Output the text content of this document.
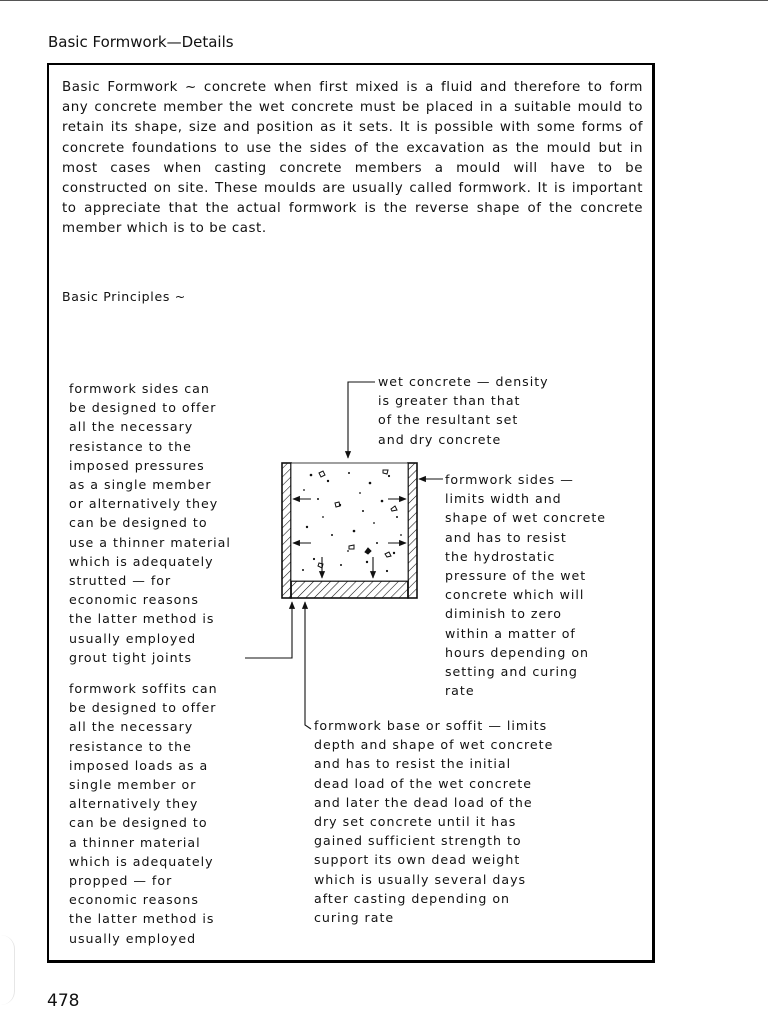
Basic Formwork—Details
Basic Formwork ~ concrete when first mixed is a fluid and therefore to form any concrete member the wet concrete must be placed in a suitable mould to retain its shape, size and position as it sets. It is possible with some forms of concrete foundations to use the sides of the excavation as the mould but in most cases when casting concrete members a mould will have to be constructed on site. These moulds are usually called formwork. It is important to appreciate that the actual formwork is the reverse shape of the concrete member which is to be cast.
Basic Principles ~
formwork sides can
be designed to offer
all the necessary
resistance to the
imposed pressures
as a single member
or alternatively they
can be designed to
use a thinner material
which is adequately
strutted — for
economic reasons
the latter method is
usually employed
grout tight joints
formwork soffits can
be designed to offer
all the necessary
resistance to the
imposed loads as a
single member or
alternatively they
can be designed to
a thinner material
which is adequately
propped — for
economic reasons
the latter method is
usually employed
wet concrete — density
is greater than that
of the resultant set
and dry concrete
formwork sides —
limits width and
shape of wet concrete
and has to resist
the hydrostatic
pressure of the wet
concrete which will
diminish to zero
within a matter of
hours depending on
setting and curing
rate
formwork base or soffit — limits
depth and shape of wet concrete
and has to resist the initial
dead load of the wet concrete
and later the dead load of the
dry set concrete until it has
gained sufficient strength to
support its own dead weight
which is usually several days
after casting depending on
curing rate
478
